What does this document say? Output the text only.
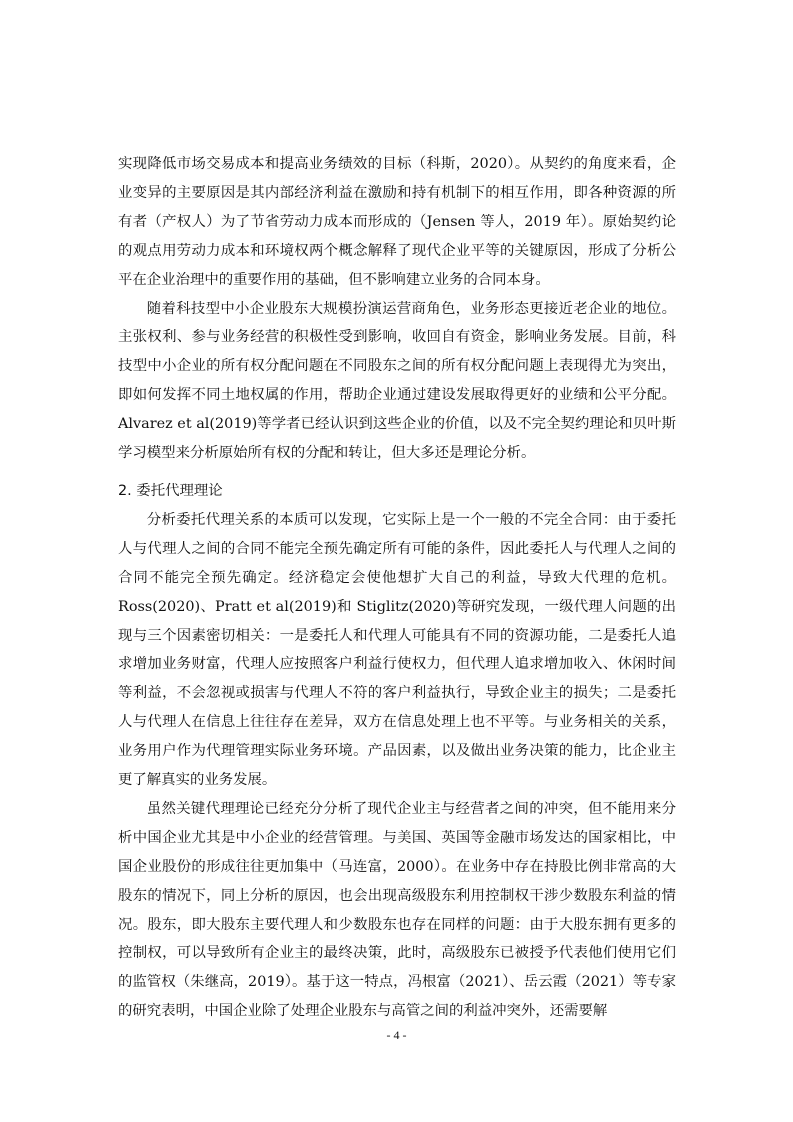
实现降低市场交易成本和提高业务绩效的目标（科斯，2020）。从契约的角度来看，企业变异的主要原因是其内部经济利益在激励和持有机制下的相互作用，即各种资源的所有者（产权人）为了节省劳动力成本而形成的（Jensen 等人，2019 年）。原始契约论的观点用劳动力成本和环境权两个概念解释了现代企业平等的关键原因，形成了分析公平在企业治理中的重要作用的基础，但不影响建立业务的合同本身。

随着科技型中小企业股东大规模扮演运营商角色，业务形态更接近老企业的地位。主张权利、参与业务经营的积极性受到影响，收回自有资金，影响业务发展。目前，科技型中小企业的所有权分配问题在不同股东之间的所有权分配问题上表现得尤为突出，即如何发挥不同土地权属的作用，帮助企业通过建设发展取得更好的业绩和公平分配。Alvarez et al(2019)等学者已经认识到这些企业的价值，以及不完全契约理论和贝叶斯学习模型来分析原始所有权的分配和转让，但大多还是理论分析。

2. 委托代理理论

分析委托代理关系的本质可以发现，它实际上是一个一般的不完全合同：由于委托人与代理人之间的合同不能完全预先确定所有可能的条件，因此委托人与代理人之间的合同不能完全预先确定。经济稳定会使他想扩大自己的利益，导致大代理的危机。Ross(2020)、Pratt et al(2019)和 Stiglitz(2020)等研究发现，一级代理人问题的出现与三个因素密切相关：一是委托人和代理人可能具有不同的资源功能，二是委托人追求增加业务财富，代理人应按照客户利益行使权力，但代理人追求增加收入、休闲时间等利益，不会忽视或损害与代理人不符的客户利益执行，导致企业主的损失；二是委托人与代理人在信息上往往存在差异，双方在信息处理上也不平等。与业务相关的关系，业务用户作为代理管理实际业务环境。产品因素，以及做出业务决策的能力，比企业主更了解真实的业务发展。

虽然关键代理理论已经充分分析了现代企业主与经营者之间的冲突，但不能用来分析中国企业尤其是中小企业的经营管理。与美国、英国等金融市场发达的国家相比，中国企业股份的形成往往更加集中（马连富，2000）。在业务中存在持股比例非常高的大股东的情况下，同上分析的原因，也会出现高级股东利用控制权干涉少数股东利益的情况。股东，即大股东主要代理人和少数股东也存在同样的问题：由于大股东拥有更多的控制权，可以导致所有企业主的最终决策，此时，高级股东已被授予代表他们使用它们的监管权（朱继高，2019）。基于这一特点，冯根富（2021）、岳云霞（2021）等专家的研究表明，中国企业除了处理企业股东与高管之间的利益冲突外，还需要解

- 4 -
